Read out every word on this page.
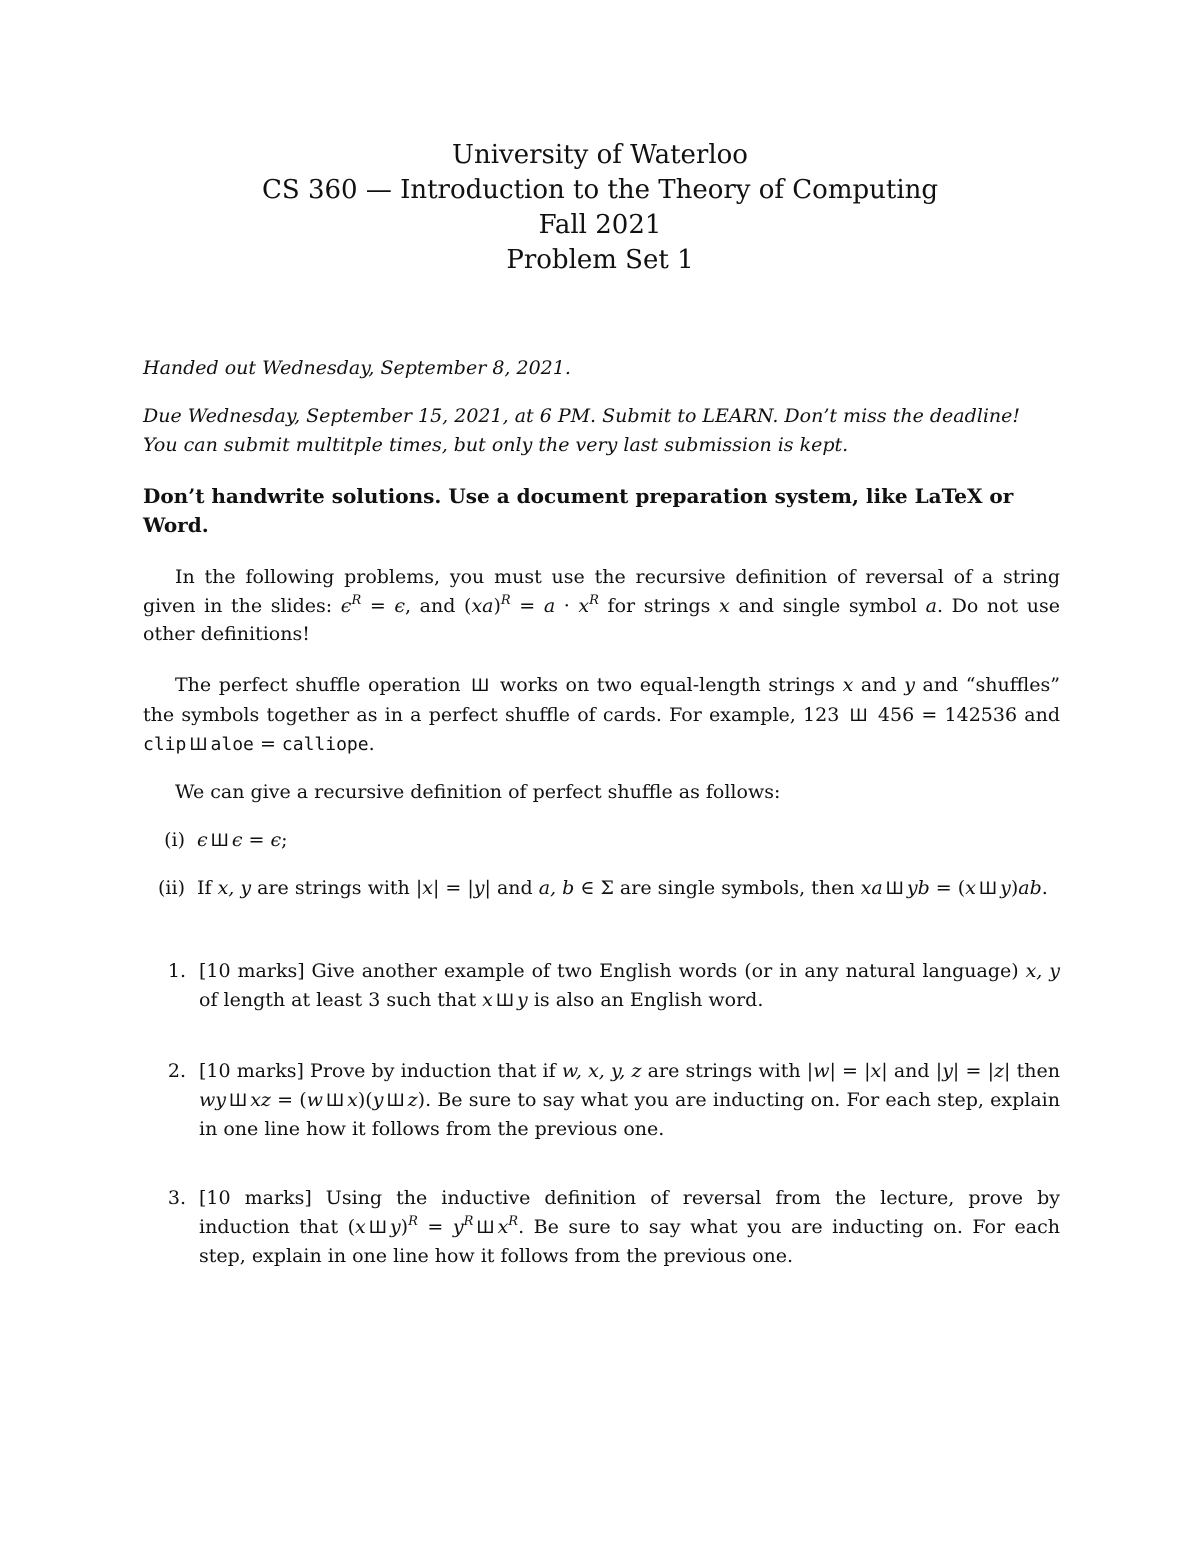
University of Waterloo
CS 360 — Introduction to the Theory of Computing
Fall 2021
Problem Set 1
Handed out Wednesday, September 8, 2021.
Due Wednesday, September 15, 2021, at 6 PM. Submit to LEARN. Don’t miss the deadline!
You can submit multitple times, but only the very last submission is kept.
Don’t handwrite solutions. Use a document preparation system, like LaTeX or Word.
In the following problems, you must use the recursive definition of reversal of a string given in the slides: $\epsilon^R = \epsilon$, and $(xa)^R = a \cdot x^R$ for strings x and single symbol a. Do not use other definitions!
The perfect shuffle operation Ш works on two equal-length strings x and y and “shuffles” the symbols together as in a perfect shuffle of cards. For example, 123 Ш 456 = 142536 and clip Ш aloe = calliope.
We can give a recursive definition of perfect shuffle as follows:
(i) ϵ Ш ϵ = ϵ;
(ii) If x, y are strings with |x| = |y| and a, b ∈ Σ are single symbols, then xa Ш yb = (x Ш y)ab.
1. [10 marks] Give another example of two English words (or in any natural language) x, y of length at least 3 such that x Ш y is also an English word.
2. [10 marks] Prove by induction that if w, x, y, z are strings with |w| = |x| and |y| = |z| then wy Ш xz = (w Ш x)(y Ш z). Be sure to say what you are inducting on. For each step, explain in one line how it follows from the previous one.
3. [10 marks] Using the inductive definition of reversal from the lecture, prove by induction that (x Ш $y)^R = y^R$ Ш $x^R$. Be sure to say what you are inducting on. For each step, explain in one line how it follows from the previous one.
